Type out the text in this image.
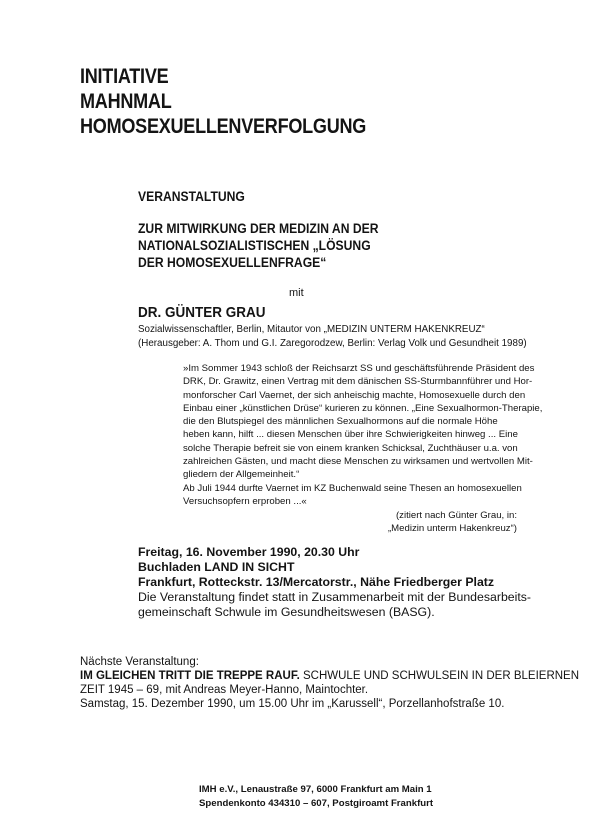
INITIATIVE
MAHNMAL
HOMOSEXUELLENVERFOLGUNG
VERANSTALTUNG
ZUR MITWIRKUNG DER MEDIZIN AN DER
NATIONALSOZIALISTISCHEN „LÖSUNG
DER HOMOSEXUELLENFRAGE“
mit
DR. GÜNTER GRAU
Sozialwissenschaftler, Berlin, Mitautor von „MEDIZIN UNTERM HAKENKREUZ“
(Herausgeber: A. Thom und G.I. Zaregorodzew, Berlin: Verlag Volk und Gesundheit 1989)
»Im Sommer 1943 schloß der Reichsarzt SS und geschäftsführende Präsident des
DRK, Dr. Grawitz, einen Vertrag mit dem dänischen SS-Sturmbannführer und Hor-
monforscher Carl Vaernet, der sich anheischig machte, Homosexuelle durch den
Einbau einer „künstlichen Drüse“ kurieren zu können. „Eine Sexualhormon-Therapie,
die den Blutspiegel des männlichen Sexualhormons auf die normale Höhe
heben kann, hilft ... diesen Menschen über ihre Schwierigkeiten hinweg ... Eine
solche Therapie befreit sie von einem kranken Schicksal, Zuchthäuser u.a. von
zahlreichen Gästen, und macht diese Menschen zu wirksamen und wertvollen Mit-
gliedern der Allgemeinheit.“
Ab Juli 1944 durfte Vaernet im KZ Buchenwald seine Thesen an homosexuellen
Versuchsopfern erproben ...«
(zitiert nach Günter Grau, in:
„Medizin unterm Hakenkreuz“)
Freitag, 16. November 1990, 20.30 Uhr
Buchladen LAND IN SICHT
Frankfurt, Rotteckstr. 13/Mercatorstr., Nähe Friedberger Platz
Die Veranstaltung findet statt in Zusammenarbeit mit der Bundesarbeits-
gemeinschaft Schwule im Gesundheitswesen (BASG).
Nächste Veranstaltung:
IM GLEICHEN TRITT DIE TREPPE RAUF. SCHWULE UND SCHWULSEIN IN DER BLEIERNEN
ZEIT 1945 – 69, mit Andreas Meyer-Hanno, Maintochter.
Samstag, 15. Dezember 1990, um 15.00 Uhr im „Karussell“, Porzellanhofstraße 10.
IMH e.V., Lenaustraße 97, 6000 Frankfurt am Main 1
Spendenkonto 434310 – 607, Postgiroamt Frankfurt
